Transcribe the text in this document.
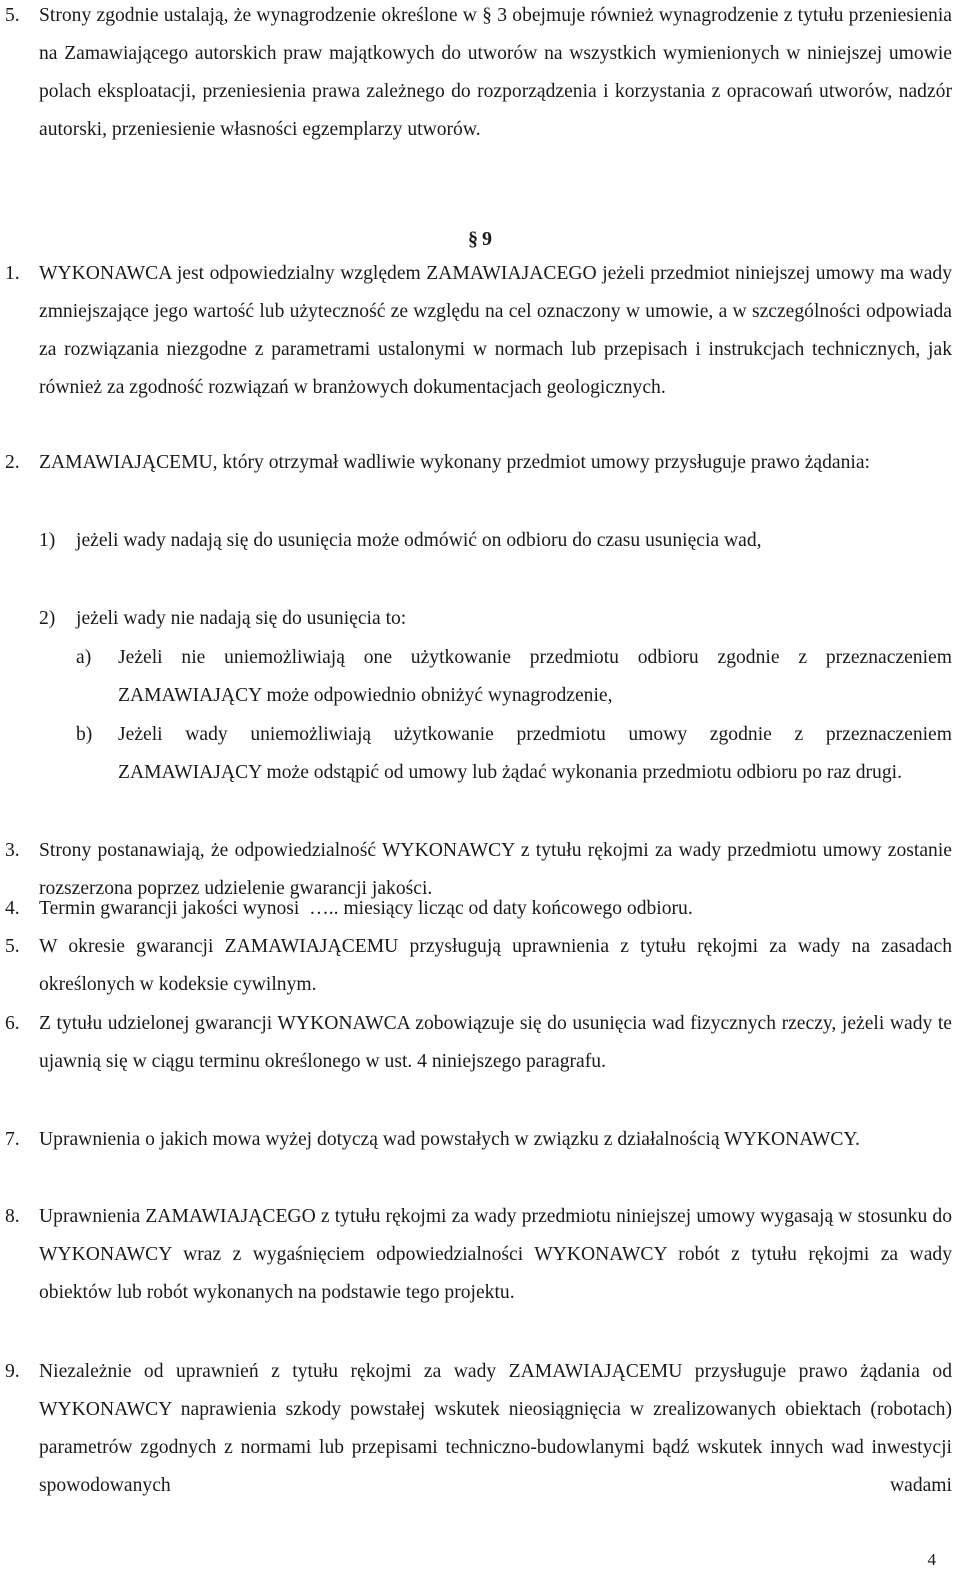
5. Strony zgodnie ustalają, że wynagrodzenie określone w § 3 obejmuje również wynagrodzenie z tytułu przeniesienia na Zamawiającego autorskich praw majątkowych do utworów na wszystkich wymienionych w niniejszej umowie polach eksploatacji, przeniesienia prawa zależnego do rozporządzenia i korzystania z opracowań utworów, nadzór autorski, przeniesienie własności egzemplarzy utworów.
§ 9
1. WYKONAWCA jest odpowiedzialny względem ZAMAWIAJACEGO jeżeli przedmiot niniejszej umowy ma wady zmniejszające jego wartość lub użyteczność ze względu na cel oznaczony w umowie, a w szczególności odpowiada za rozwiązania niezgodne z parametrami ustalonymi w normach lub przepisach i instrukcjach technicznych, jak również za zgodność rozwiązań w branżowych dokumentacjach geologicznych.
2. ZAMAWIAJĄCEMU, który otrzymał wadliwie wykonany przedmiot umowy przysługuje prawo żądania:
1) jeżeli wady nadają się do usunięcia może odmówić on odbioru do czasu usunięcia wad,
2) jeżeli wady nie nadają się do usunięcia to:
a) Jeżeli nie uniemożliwiają one użytkowanie przedmiotu odbioru zgodnie z przeznaczeniem ZAMAWIAJĄCY może odpowiednio obniżyć wynagrodzenie,
b) Jeżeli wady uniemożliwiają użytkowanie przedmiotu umowy zgodnie z przeznaczeniem ZAMAWIAJĄCY może odstąpić od umowy lub żądać wykonania przedmiotu odbioru po raz drugi.
3. Strony postanawiają, że odpowiedzialność WYKONAWCY z tytułu rękojmi za wady przedmiotu umowy zostanie rozszerzona poprzez udzielenie gwarancji jakości.
4. Termin gwarancji jakości wynosi  ….. miesiący licząc od daty końcowego odbioru.
5. W okresie gwarancji ZAMAWIAJĄCEMU przysługują uprawnienia z tytułu rękojmi za wady na zasadach określonych w kodeksie cywilnym.
6. Z tytułu udzielonej gwarancji WYKONAWCA zobowiązuje się do usunięcia wad fizycznych rzeczy, jeżeli wady te ujawnią się w ciągu terminu określonego w ust. 4 niniejszego paragrafu.
7. Uprawnienia o jakich mowa wyżej dotyczą wad powstałych w związku z działalnością WYKONAWCY.
8. Uprawnienia ZAMAWIAJĄCEGO z tytułu rękojmi za wady przedmiotu niniejszej umowy wygasają w stosunku do WYKONAWCY wraz z wygaśnięciem odpowiedzialności WYKONAWCY robót z tytułu rękojmi za wady obiektów lub robót wykonanych na podstawie tego projektu.
9. Niezależnie od uprawnień z tytułu rękojmi za wady ZAMAWIAJĄCEMU przysługuje prawo żądania od WYKONAWCY naprawienia szkody powstałej wskutek nieosiągnięcia w zrealizowanych obiektach (robotach) parametrów zgodnych z normami lub przepisami techniczno-budowlanymi bądź wskutek innych wad inwestycji spowodowanych wadami
4
